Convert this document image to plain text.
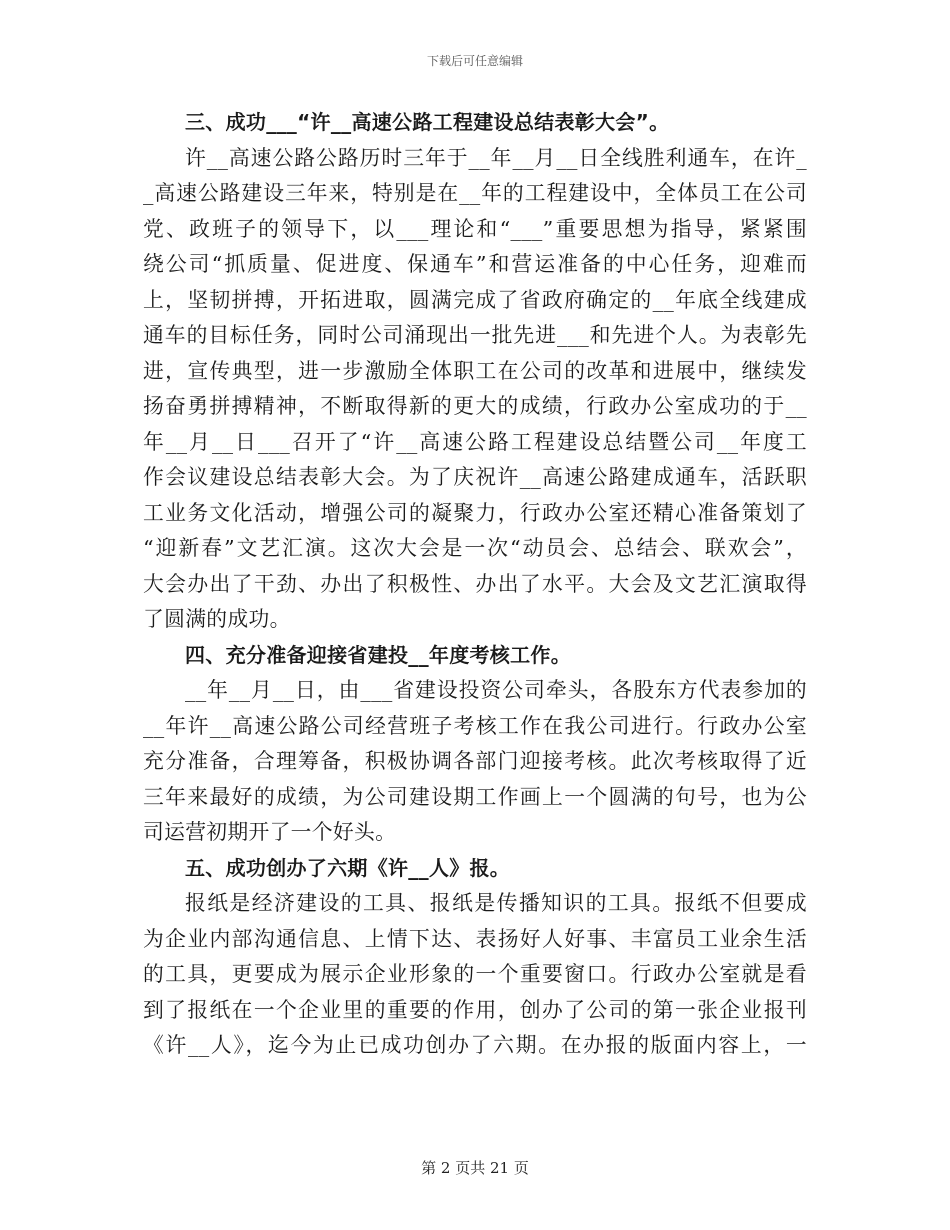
下载后可任意编辑
三、成功___“许__高速公路工程建设总结表彰大会”。
许__高速公路公路历时三年于__年__月__日全线胜利通车，在许_
_高速公路建设三年来，特别是在__年的工程建设中，全体员工在公司
党、政班子的领导下，以___理论和“___”重要思想为指导，紧紧围
绕公司“抓质量、促进度、保通车”和营运准备的中心任务，迎难而
上，坚韧拼搏，开拓进取，圆满完成了省政府确定的__年底全线建成
通车的目标任务，同时公司涌现出一批先进___和先进个人。为表彰先
进，宣传典型，进一步激励全体职工在公司的改革和进展中，继续发
扬奋勇拼搏精神，不断取得新的更大的成绩，行政办公室成功的于__
年__月__日___召开了“许__高速公路工程建设总结暨公司__年度工
作会议建设总结表彰大会。为了庆祝许__高速公路建成通车，活跃职
工业务文化活动，增强公司的凝聚力，行政办公室还精心准备策划了
“迎新春”文艺汇演。这次大会是一次“动员会、总结会、联欢会”，
大会办出了干劲、办出了积极性、办出了水平。大会及文艺汇演取得
了圆满的成功。
四、充分准备迎接省建投__年度考核工作。
__年__月__日，由___省建设投资公司牵头，各股东方代表参加的
__年许__高速公路公司经营班子考核工作在我公司进行。行政办公室
充分准备，合理筹备，积极协调各部门迎接考核。此次考核取得了近
三年来最好的成绩，为公司建设期工作画上一个圆满的句号，也为公
司运营初期开了一个好头。
五、成功创办了六期《许__人》报。
报纸是经济建设的工具、报纸是传播知识的工具。报纸不但要成
为企业内部沟通信息、上情下达、表扬好人好事、丰富员工业余生活
的工具，更要成为展示企业形象的一个重要窗口。行政办公室就是看
到了报纸在一个企业里的重要的作用，创办了公司的第一张企业报刊
《许__人》，迄今为止已成功创办了六期。在办报的版面内容上，一
第 2 页共 21 页
